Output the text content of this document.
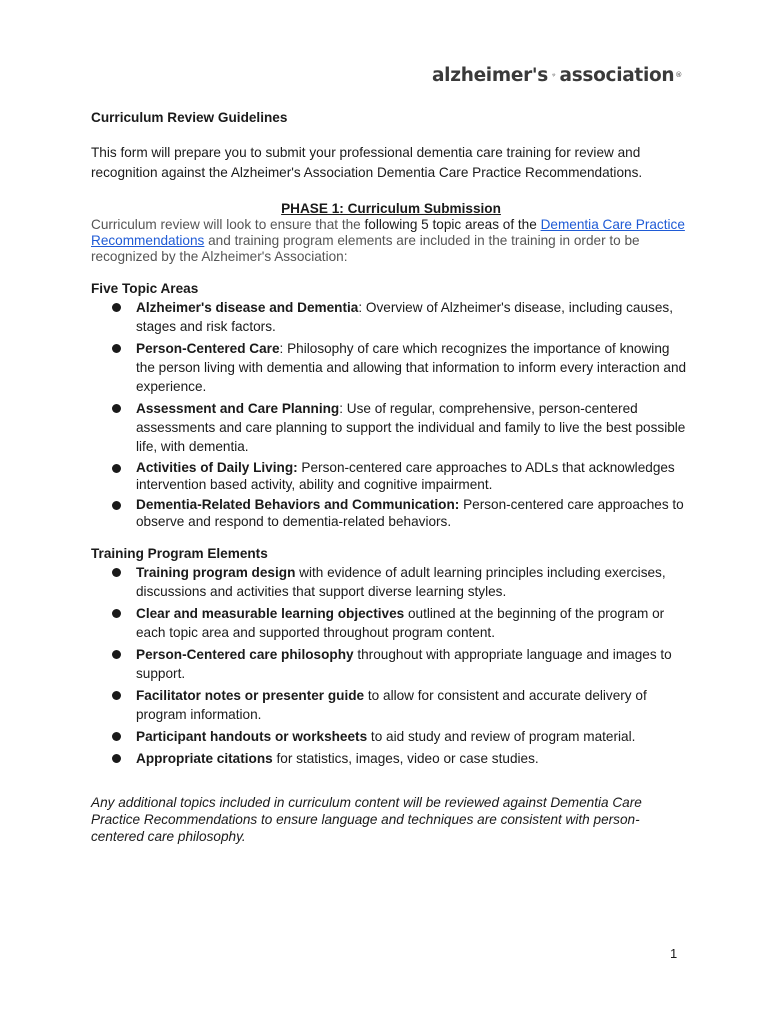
alzheimer's association ®

Curriculum Review Guidelines

This form will prepare you to submit your professional dementia care training for review and recognition against the Alzheimer's Association Dementia Care Practice Recommendations.

PHASE 1: Curriculum Submission

Curriculum review will look to ensure that the following 5 topic areas of the Dementia Care Practice Recommendations and training program elements are included in the training in order to be recognized by the Alzheimer's Association:

Five Topic Areas

Alzheimer's disease and Dementia: Overview of Alzheimer's disease, including causes, stages and risk factors.
Person-Centered Care: Philosophy of care which recognizes the importance of knowing the person living with dementia and allowing that information to inform every interaction and experience.
Assessment and Care Planning: Use of regular, comprehensive, person-centered assessments and care planning to support the individual and family to live the best possible life, with dementia.
Activities of Daily Living: Person-centered care approaches to ADLs that acknowledges intervention based activity, ability and cognitive impairment.
Dementia-Related Behaviors and Communication: Person-centered care approaches to observe and respond to dementia-related behaviors.

Training Program Elements

Training program design with evidence of adult learning principles including exercises, discussions and activities that support diverse learning styles.
Clear and measurable learning objectives outlined at the beginning of the program or each topic area and supported throughout program content.
Person-Centered care philosophy throughout with appropriate language and images to support.
Facilitator notes or presenter guide to allow for consistent and accurate delivery of program information.
Participant handouts or worksheets to aid study and review of program material.
Appropriate citations for statistics, images, video or case studies.

Any additional topics included in curriculum content will be reviewed against Dementia Care Practice Recommendations to ensure language and techniques are consistent with person-centered care philosophy.

1
